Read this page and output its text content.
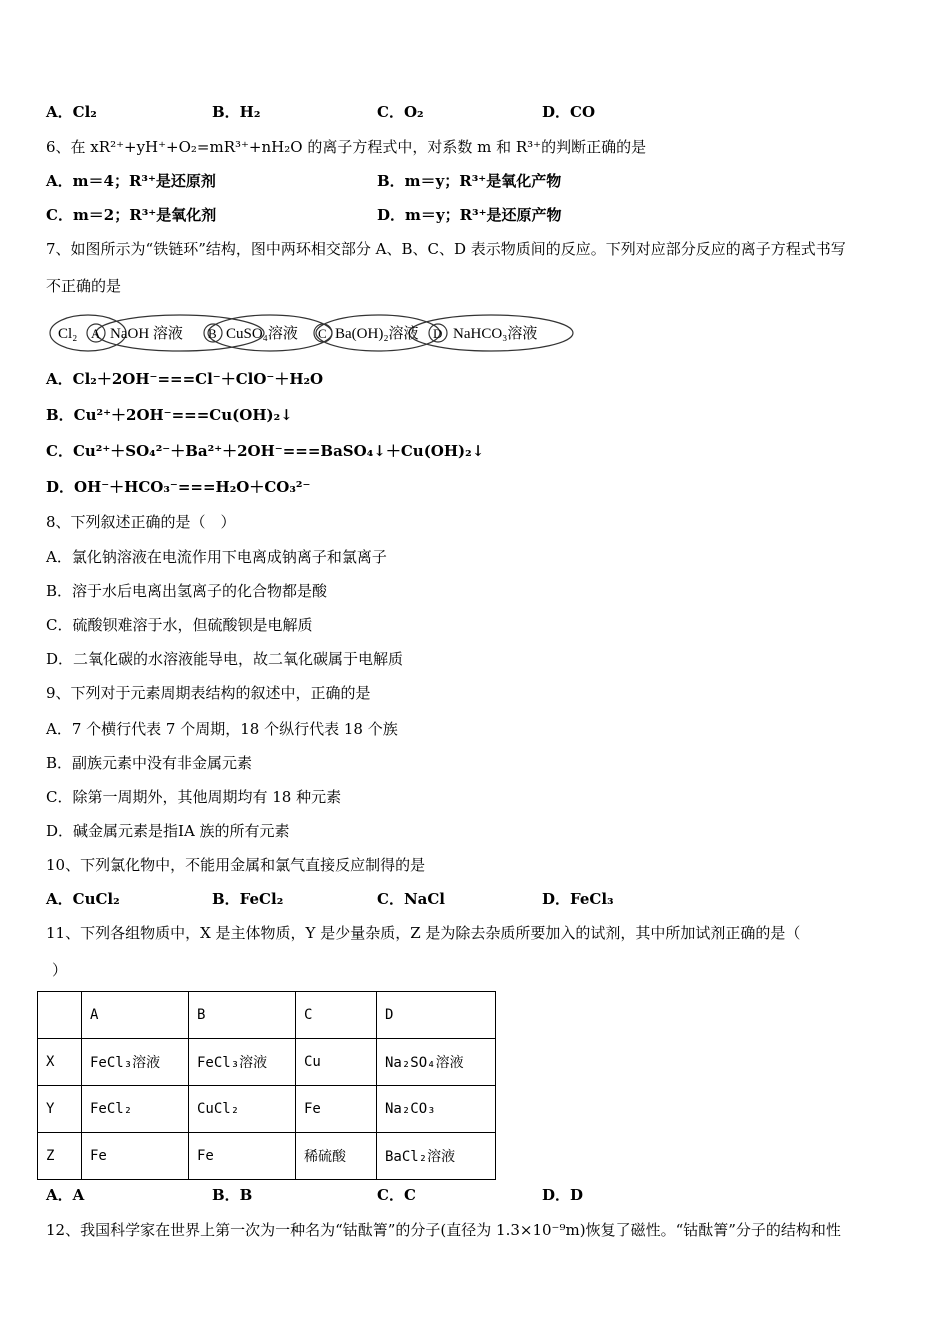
A．Cl₂	B．H₂	C．O₂	D．CO
6、在 xR²⁺+yH⁺+O₂=mR³⁺+nH₂O 的离子方程式中，对系数 m 和 R³⁺的判断正确的是
A．m＝4；R³⁺是还原剂	B．m＝y；R³⁺是氧化产物
C．m＝2；R³⁺是氧化剂	D．m＝y；R³⁺是还原产物
7、如图所示为“铁链环”结构，图中两环相交部分 A、B、C、D 表示物质间的反应。下列对应部分反应的离子方程式书写
不正确的是
Cl₂ A NaOH 溶液 B CuSO₄溶液 C Ba(OH)₂溶液 D NaHCO₃溶液
A．Cl₂＋2OH⁻===Cl⁻＋ClO⁻＋H₂O
B．Cu²⁺＋2OH⁻===Cu(OH)₂↓
C．Cu²⁺＋SO₄²⁻＋Ba²⁺＋2OH⁻===BaSO₄↓＋Cu(OH)₂↓
D．OH⁻＋HCO₃⁻===H₂O＋CO₃²⁻
8、下列叙述正确的是（　）
A．氯化钠溶液在电流作用下电离成钠离子和氯离子
B．溶于水后电离出氢离子的化合物都是酸
C．硫酸钡难溶于水，但硫酸钡是电解质
D．二氧化碳的水溶液能导电，故二氧化碳属于电解质
9、下列对于元素周期表结构的叙述中，正确的是
A．7 个横行代表 7 个周期，18 个纵行代表 18 个族
B．副族元素中没有非金属元素
C．除第一周期外，其他周期均有 18 种元素
D．碱金属元素是指ⅠA 族的所有元素
10、下列氯化物中，不能用金属和氯气直接反应制得的是
A．CuCl₂	B．FeCl₂	C．NaCl	D．FeCl₃
11、下列各组物质中，X 是主体物质，Y 是少量杂质，Z 是为除去杂质所要加入的试剂，其中所加试剂正确的是（
）
	A	B	C	D
X	FeCl₃溶液	FeCl₃溶液	Cu	Na₂SO₄溶液
Y	FeCl₂	CuCl₂	Fe	Na₂CO₃
Z	Fe	Fe	稀硫酸	BaCl₂溶液
A．A	B．B	C．C	D．D
12、我国科学家在世界上第一次为一种名为“钴酞箐”的分子(直径为 1.3×10⁻⁹m)恢复了磁性。“钴酞箐”分子的结构和性
